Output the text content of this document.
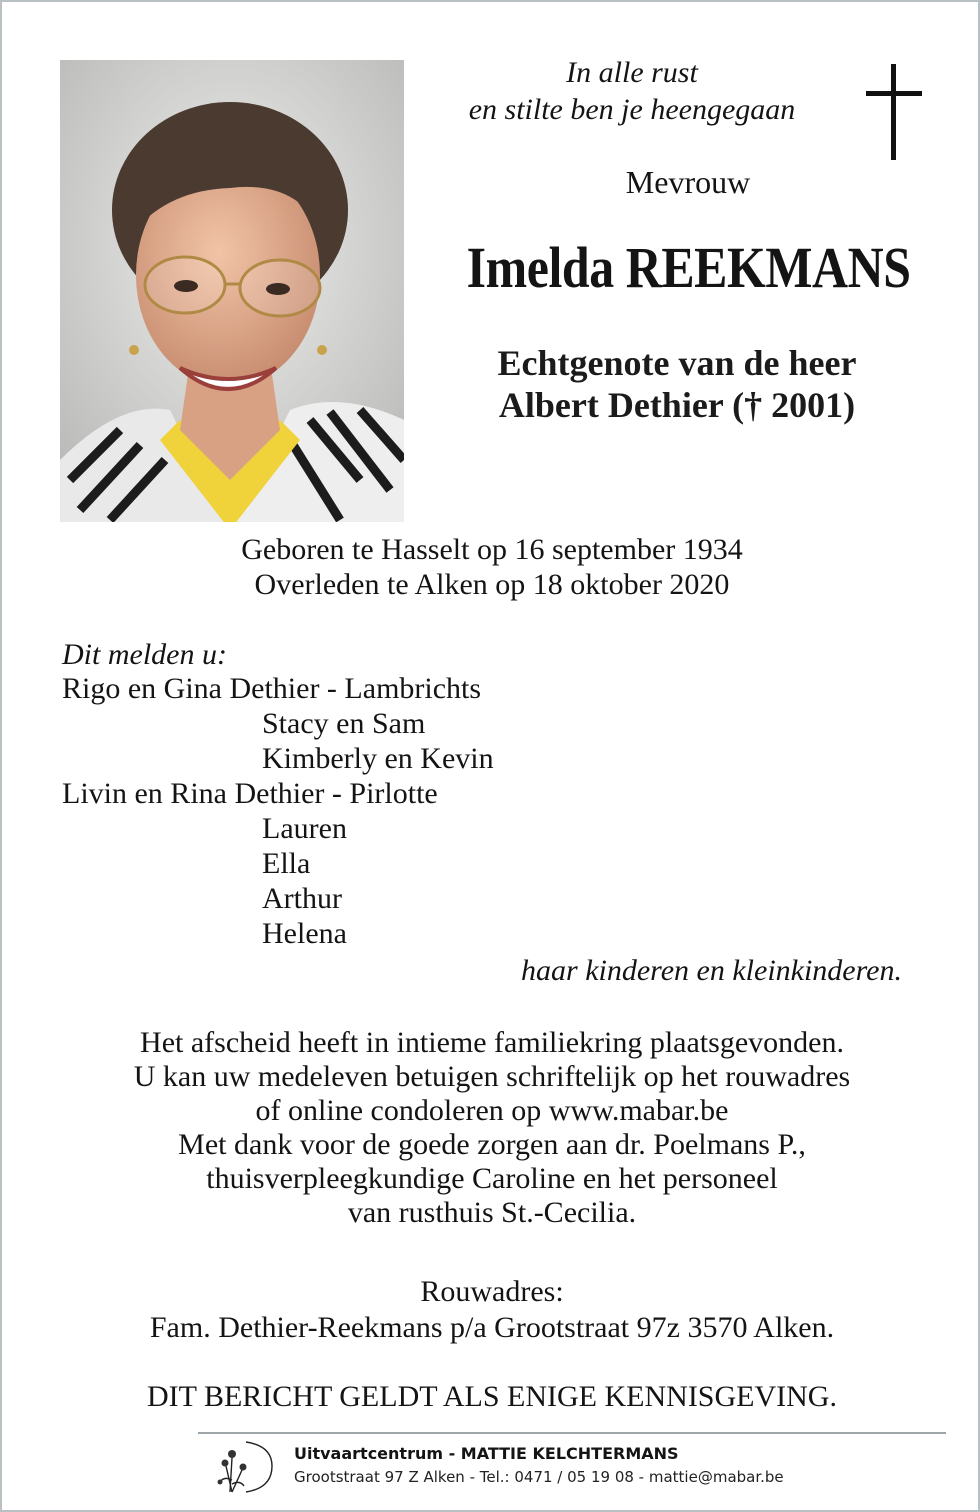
In alle rust
en stilte ben je heengegaan
Mevrouw
Imelda REEKMANS
Echtgenote van de heer
Albert Dethier († 2001)
Geboren te Hasselt op 16 september 1934
Overleden te Alken op 18 oktober 2020
Dit melden u:
Rigo en Gina Dethier - Lambrichts
Stacy en Sam
Kimberly en Kevin
Livin en Rina Dethier - Pirlotte
Lauren
Ella
Arthur
Helena
haar kinderen en kleinkinderen.
Het afscheid heeft in intieme familiekring plaatsgevonden.
U kan uw medeleven betuigen schriftelijk op het rouwadres
of online condoleren op www.mabar.be
Met dank voor de goede zorgen aan dr. Poelmans P.,
thuisverpleegkundige Caroline en het personeel
van rusthuis St.-Cecilia.
Rouwadres:
Fam. Dethier-Reekmans p/a Grootstraat 97z 3570 Alken.
DIT BERICHT GELDT ALS ENIGE KENNISGEVING.
Uitvaartcentrum - MATTIE KELCHTERMANS
Grootstraat 97 Z Alken - Tel.: 0471 / 05 19 08 - mattie@mabar.be
